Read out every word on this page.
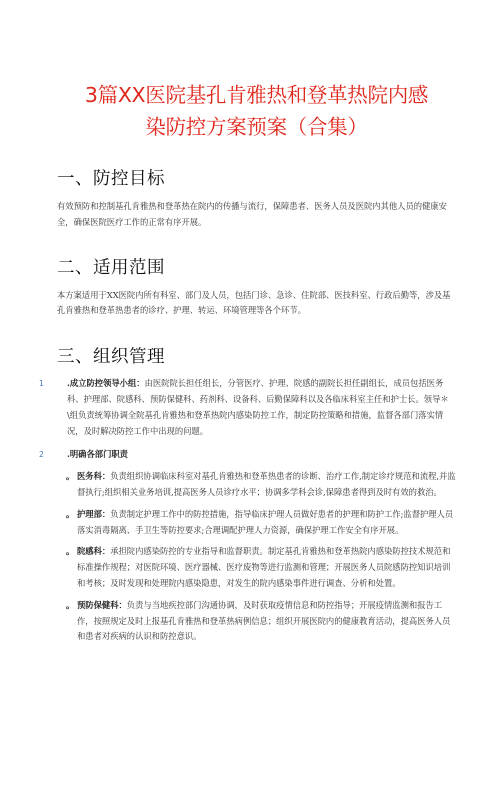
3篇XX医院基孔肯雅热和登革热院内感
染防控方案预案（合集）
一、防控目标

有效预防和控制基孔肯雅热和登革热在院内的传播与流行，保障患者、医务人员及医院内其他人员的健康安全，确保医院医疗工作的正常有序开展。

二、适用范围

本方案适用于XX医院内所有科室、部门及人员，包括门诊、急诊、住院部、医技科室、行政后勤等，涉及基孔肯雅热和登革热患者的诊疗、护理、转运、环境管理等各个环节。

三、组织管理
1	.成立防控领导小组：由医院院长担任组长，分管医疗、护理、院感的副院长担任副组长，成员包括医务科、护理部、院感科、预防保健科、药剂科、设备科、后勤保障科以及各临床科室主任和护士长。领导＊\组负责统筹协调全院基孔肯雅热和登革热院内感染防控工作，制定防控策略和措施，监督各部门落实情况，及时解决防控工作中出现的问题。
2	.明确各部门职责
。 医务科：负责组织协调临床科室对基孔肯雅热和登革热患者的诊断、治疗工作,制定诊疗规范和流程,并监督执行;组织相关业务培训,提高医务人员诊疗水平；协调多学科会诊,保障患者得到及时有效的救治。
。 护理部：负责制定护理工作中的防控措施，指导临床护理人员做好患者的护理和防护工作;监督护理人员落实消毒隔离、手卫生等防控要求;合理调配护理人力资源，确保护理工作安全有序开展。
。 院感科：承担院内感染防控的专业指导和监督职责。制定基孔肯雅热和登革热院内感染防控技术规范和标准操作规程；对医院环境、医疗器械、医疗废物等进行监测和管理；开展医务人员院感防控知识培训和考核；及时发现和处理院内感染隐患，对发生的院内感染事件进行调查、分析和处置。
。 预防保健科：负责与当地疾控部门沟通协调，及时获取疫情信息和防控指导；开展疫情监测和报告工作，按照规定及时上报基孔肯雅热和登革热病例信息；组织开展医院内的健康教育活动，提高医务人员和患者对疾病的认识和防控意识。
